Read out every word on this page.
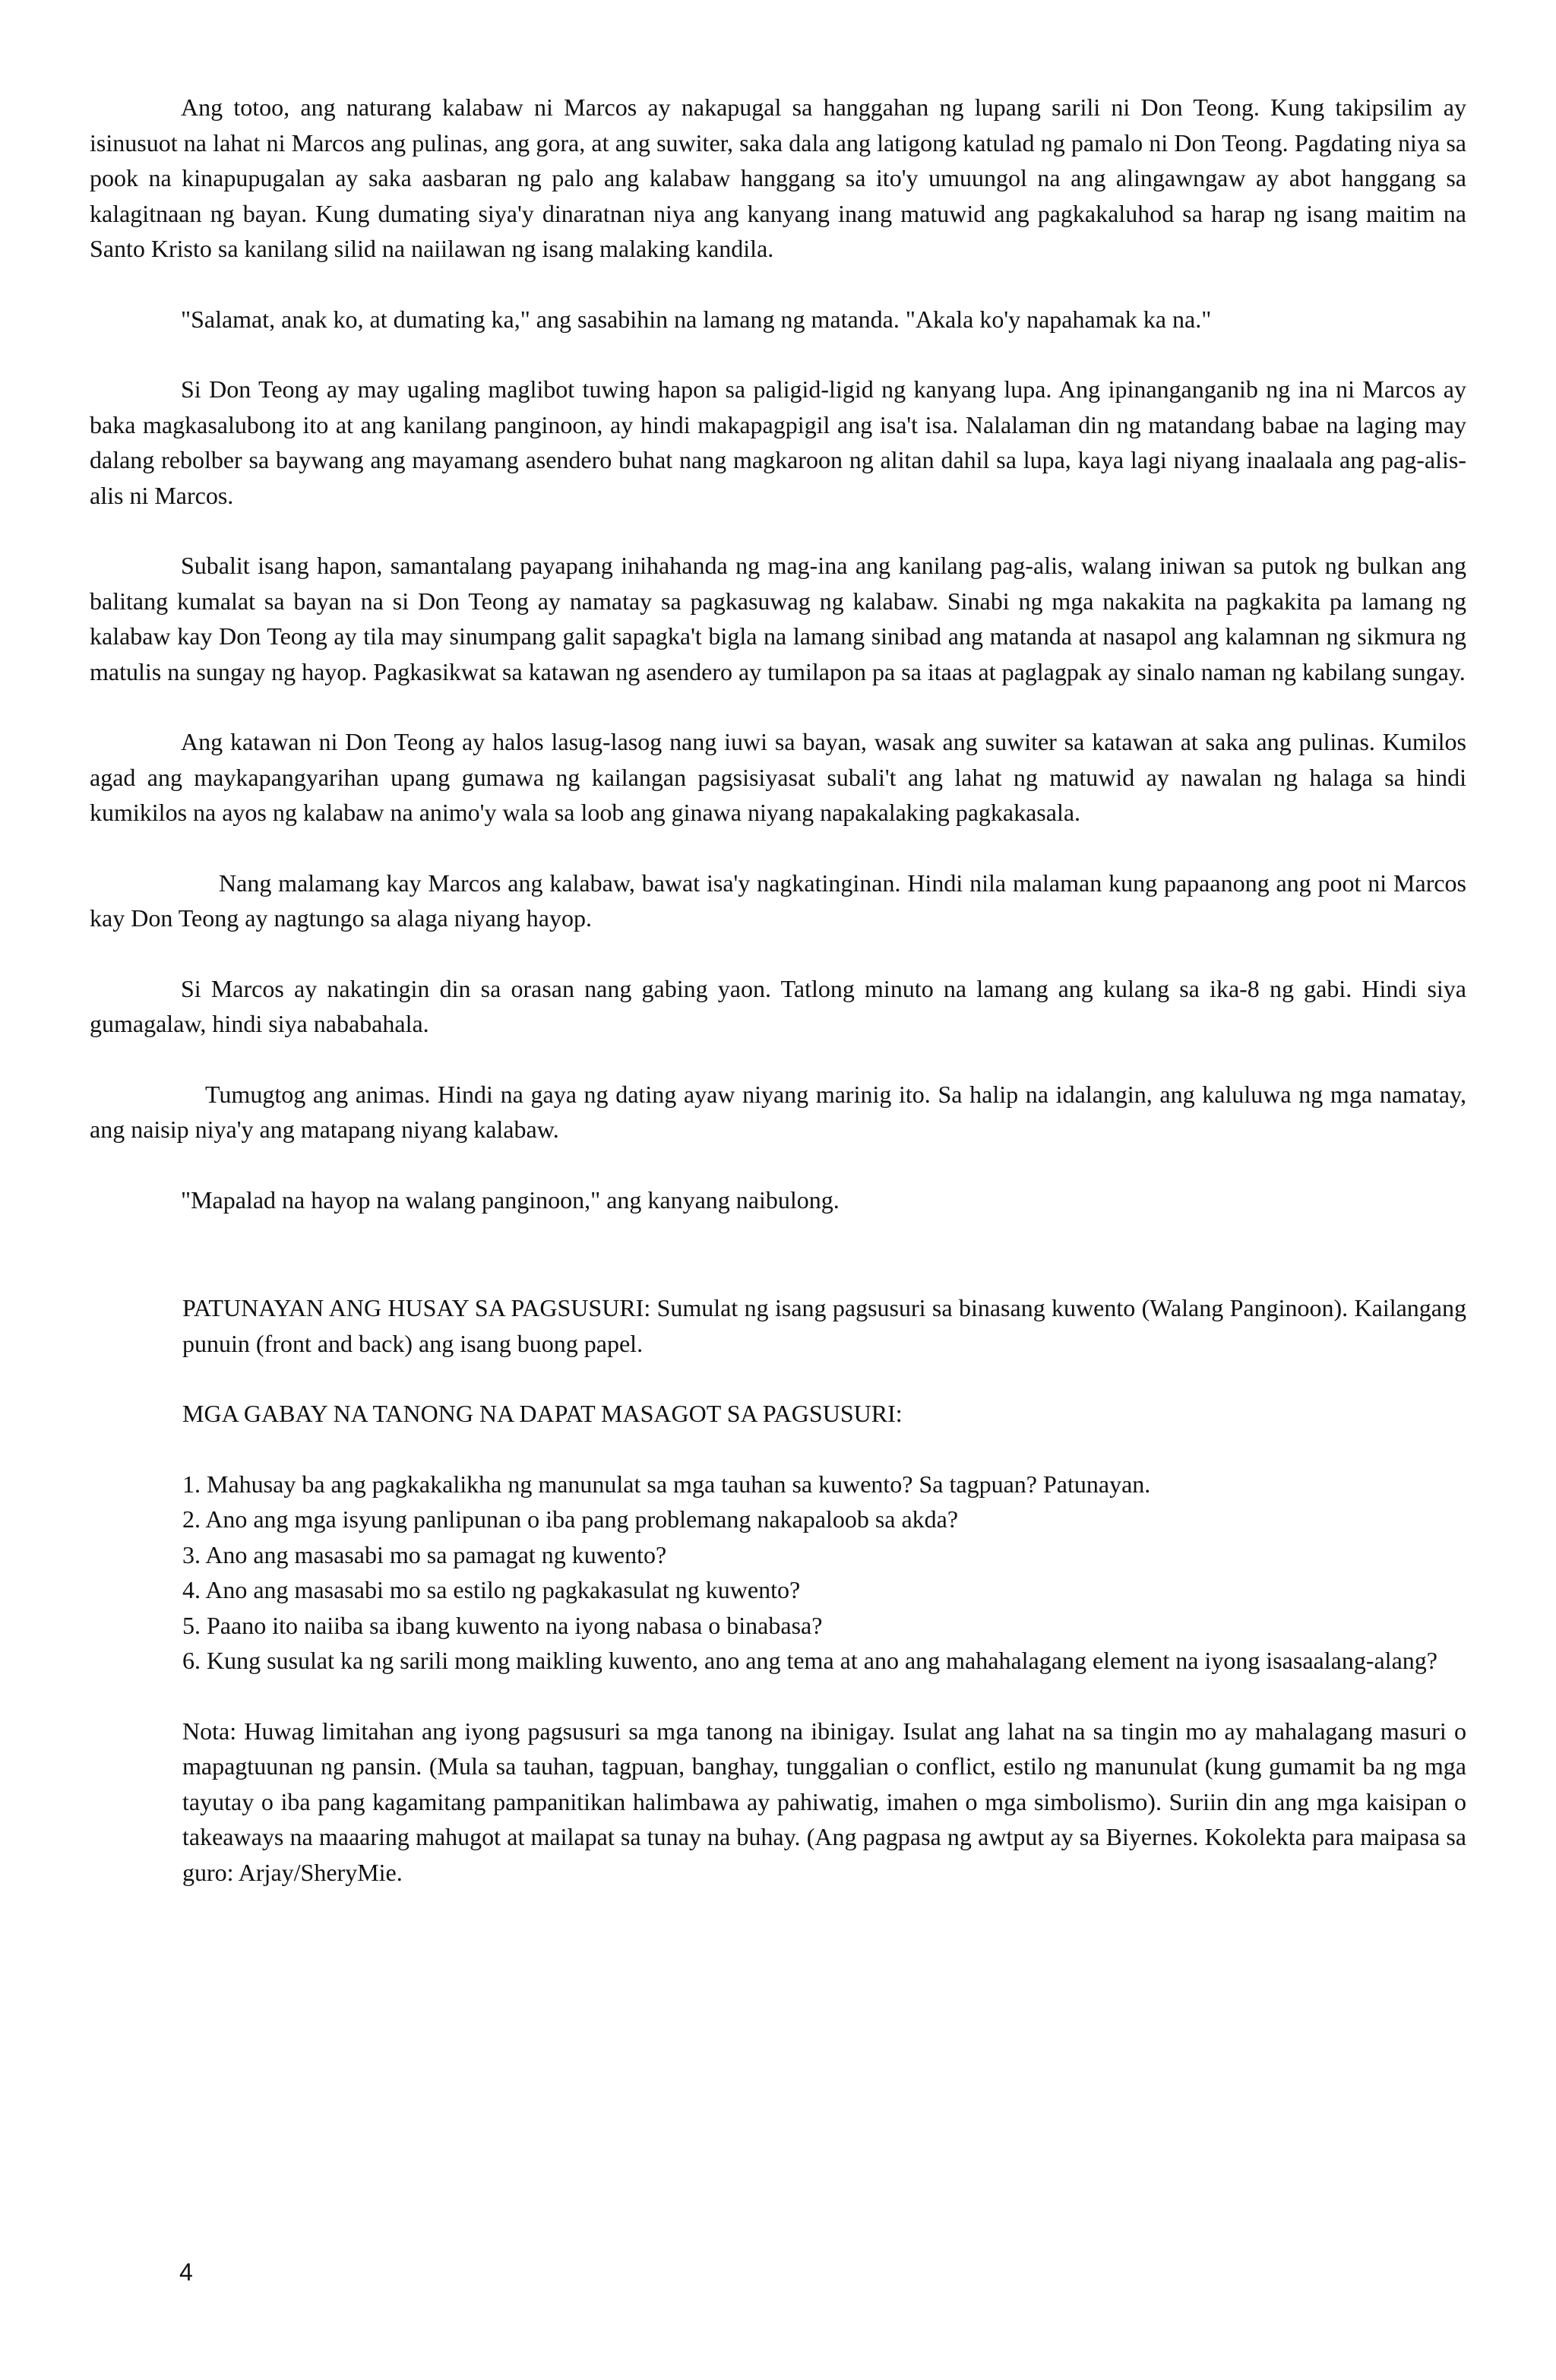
Ang totoo, ang naturang kalabaw ni Marcos ay nakapugal sa hanggahan ng lupang sarili ni Don Teong. Kung takipsilim ay isinusuot na lahat ni Marcos ang pulinas, ang gora, at ang suwiter, saka dala ang latigong katulad ng pamalo ni Don Teong. Pagdating niya sa pook na kinapupugalan ay saka aasbaran ng palo ang kalabaw hanggang sa ito'y umuungol na ang alingawngaw ay abot hanggang sa kalagitnaan ng bayan. Kung dumating siya'y dinaratnan niya ang kanyang inang matuwid ang pagkakaluhod sa harap ng isang maitim na Santo Kristo sa kanilang silid na naiilawan ng isang malaking kandila.

"Salamat, anak ko, at dumating ka," ang sasabihin na lamang ng matanda. "Akala ko'y napahamak ka na."

Si Don Teong ay may ugaling maglibot tuwing hapon sa paligid-ligid ng kanyang lupa. Ang ipinanganganib ng ina ni Marcos ay baka magkasalubong ito at ang kanilang panginoon, ay hindi makapagpigil ang isa't isa. Nalalaman din ng matandang babae na laging may dalang rebolber sa baywang ang mayamang asendero buhat nang magkaroon ng alitan dahil sa lupa, kaya lagi niyang inaalaala ang pag-alis-alis ni Marcos.

Subalit isang hapon, samantalang payapang inihahanda ng mag-ina ang kanilang pag-alis, walang iniwan sa putok ng bulkan ang balitang kumalat sa bayan na si Don Teong ay namatay sa pagkasuwag ng kalabaw. Sinabi ng mga nakakita na pagkakita pa lamang ng kalabaw kay Don Teong ay tila may sinumpang galit sapagka't bigla na lamang sinibad ang matanda at nasapol ang kalamnan ng sikmura ng matulis na sungay ng hayop. Pagkasikwat sa katawan ng asendero ay tumilapon pa sa itaas at paglagpak ay sinalo naman ng kabilang sungay.

Ang katawan ni Don Teong ay halos lasug-lasog nang iuwi sa bayan, wasak ang suwiter sa katawan at saka ang pulinas. Kumilos agad ang maykapangyarihan upang gumawa ng kailangan pagsisiyasat subali't ang lahat ng matuwid ay nawalan ng halaga sa hindi kumikilos na ayos ng kalabaw na animo'y wala sa loob ang ginawa niyang napakalaking pagkakasala.

Nang malamang kay Marcos ang kalabaw, bawat isa'y nagkatinginan. Hindi nila malaman kung papaanong ang poot ni Marcos kay Don Teong ay nagtungo sa alaga niyang hayop.

Si Marcos ay nakatingin din sa orasan nang gabing yaon. Tatlong minuto na lamang ang kulang sa ika-8 ng gabi. Hindi siya gumagalaw, hindi siya nababahala.

Tumugtog ang animas. Hindi na gaya ng dating ayaw niyang marinig ito. Sa halip na idalangin, ang kaluluwa ng mga namatay, ang naisip niya'y ang matapang niyang kalabaw.

"Mapalad na hayop na walang panginoon," ang kanyang naibulong.

PATUNAYAN ANG HUSAY SA PAGSUSURI: Sumulat ng isang pagsusuri sa binasang kuwento (Walang Panginoon). Kailangang punuin (front and back) ang isang buong papel.

MGA GABAY NA TANONG NA DAPAT MASAGOT SA PAGSUSURI:

1. Mahusay ba ang pagkakalikha ng manunulat sa mga tauhan sa kuwento? Sa tagpuan? Patunayan.
2. Ano ang mga isyung panlipunan o iba pang problemang nakapaloob sa akda?
3. Ano ang masasabi mo sa pamagat ng kuwento?
4. Ano ang masasabi mo sa estilo ng pagkakasulat ng kuwento?
5. Paano ito naiiba sa ibang kuwento na iyong nabasa o binabasa?
6. Kung susulat ka ng sarili mong maikling kuwento, ano ang tema at ano ang mahahalagang element na iyong isasaalang-alang?

Nota: Huwag limitahan ang iyong pagsusuri sa mga tanong na ibinigay. Isulat ang lahat na sa tingin mo ay mahalagang masuri o mapagtuunan ng pansin. (Mula sa tauhan, tagpuan, banghay, tunggalian o conflict, estilo ng manunulat (kung gumamit ba ng mga tayutay o iba pang kagamitang pampanitikan halimbawa ay pahiwatig, imahen o mga simbolismo). Suriin din ang mga kaisipan o takeaways na maaaring mahugot at mailapat sa tunay na buhay. (Ang pagpasa ng awtput ay sa Biyernes. Kokolekta para maipasa sa guro: Arjay/SheryMie.

4
